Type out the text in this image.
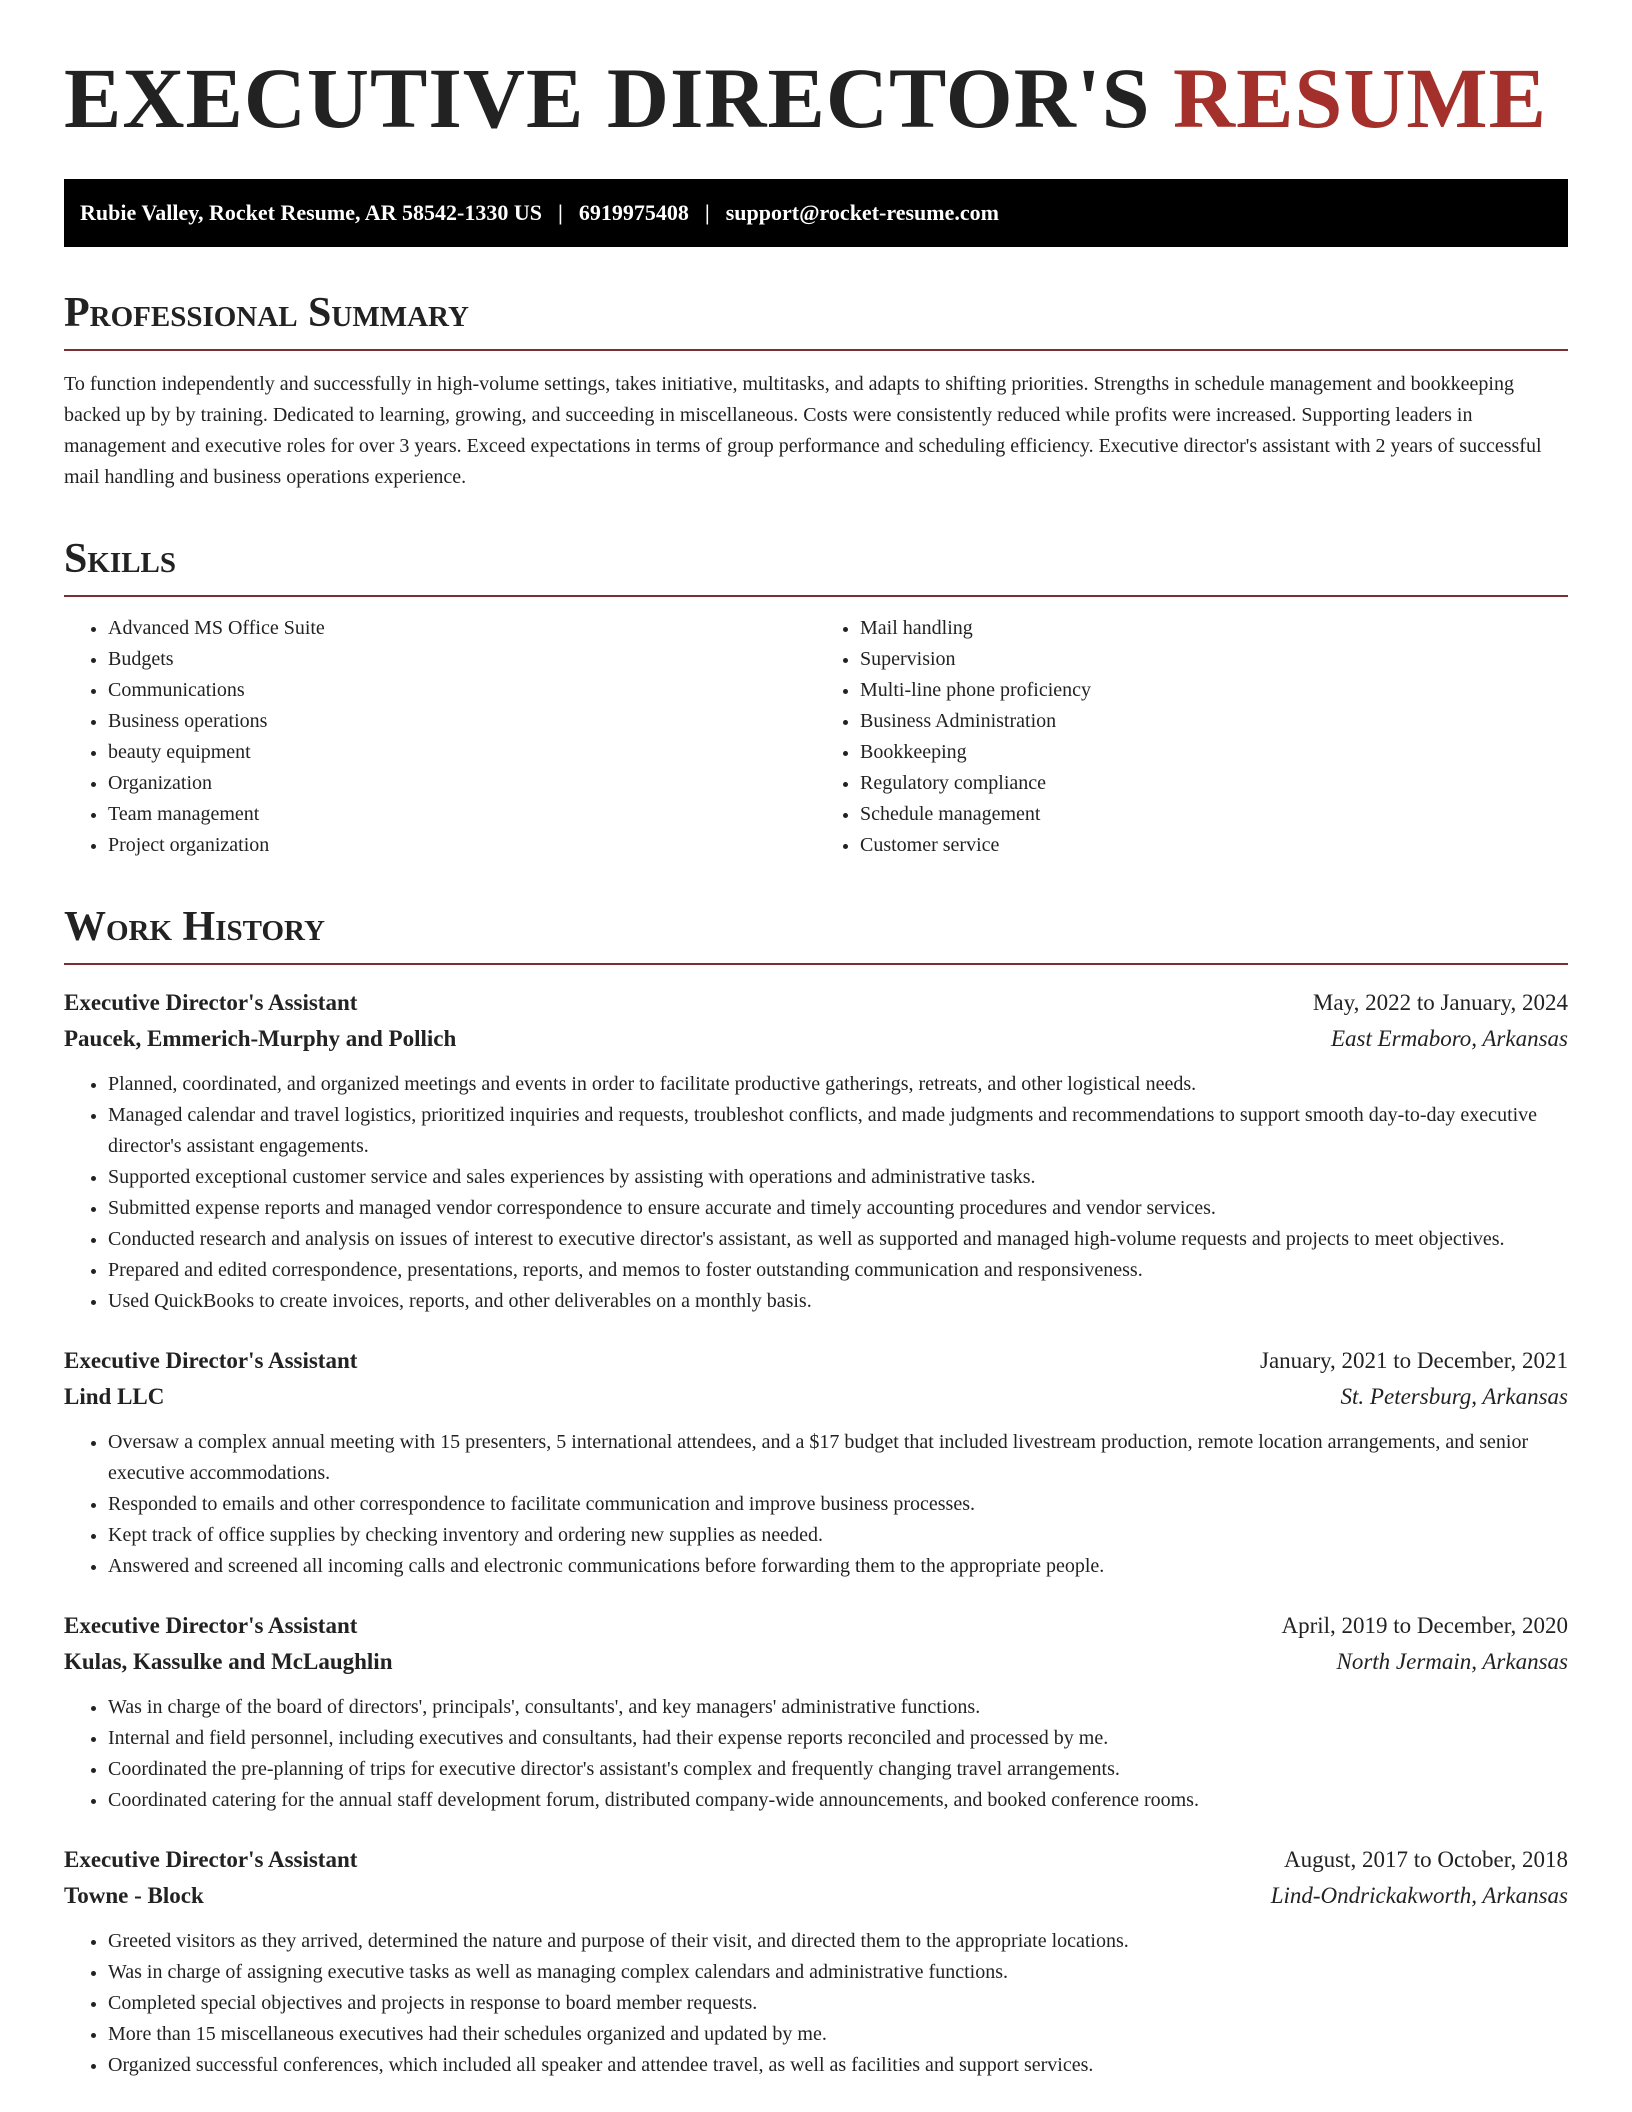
EXECUTIVE DIRECTOR'S RESUME
Rubie Valley, Rocket Resume, AR 58542-1330 US | 6919975408 | support@rocket-resume.com
Professional Summary

To function independently and successfully in high-volume settings, takes initiative, multitasks, and adapts to shifting priorities. Strengths in schedule management and bookkeeping backed up by by training. Dedicated to learning, growing, and succeeding in miscellaneous. Costs were consistently reduced while profits were increased. Supporting leaders in management and executive roles for over 3 years. Exceed expectations in terms of group performance and scheduling efficiency. Executive director's assistant with 2 years of successful mail handling and business operations experience.

Skills
• Advanced MS Office Suite
• Budgets
• Communications
• Business operations
• beauty equipment
• Organization
• Team management
• Project organization
• Mail handling
• Supervision
• Multi-line phone proficiency
• Business Administration
• Bookkeeping
• Regulatory compliance
• Schedule management
• Customer service
Work History
Executive Director's Assistant	May, 2022 to January, 2024
Paucek, Emmerich-Murphy and Pollich	East Ermaboro, Arkansas
• Planned, coordinated, and organized meetings and events in order to facilitate productive gatherings, retreats, and other logistical needs.
• Managed calendar and travel logistics, prioritized inquiries and requests, troubleshot conflicts, and made judgments and recommendations to support smooth day-to-day executive director's assistant engagements.
• Supported exceptional customer service and sales experiences by assisting with operations and administrative tasks.
• Submitted expense reports and managed vendor correspondence to ensure accurate and timely accounting procedures and vendor services.
• Conducted research and analysis on issues of interest to executive director's assistant, as well as supported and managed high-volume requests and projects to meet objectives.
• Prepared and edited correspondence, presentations, reports, and memos to foster outstanding communication and responsiveness.
• Used QuickBooks to create invoices, reports, and other deliverables on a monthly basis.
Executive Director's Assistant	January, 2021 to December, 2021
Lind LLC	St. Petersburg, Arkansas
• Oversaw a complex annual meeting with 15 presenters, 5 international attendees, and a $17 budget that included livestream production, remote location arrangements, and senior executive accommodations.
• Responded to emails and other correspondence to facilitate communication and improve business processes.
• Kept track of office supplies by checking inventory and ordering new supplies as needed.
• Answered and screened all incoming calls and electronic communications before forwarding them to the appropriate people.
Executive Director's Assistant	April, 2019 to December, 2020
Kulas, Kassulke and McLaughlin	North Jermain, Arkansas
• Was in charge of the board of directors', principals', consultants', and key managers' administrative functions.
• Internal and field personnel, including executives and consultants, had their expense reports reconciled and processed by me.
• Coordinated the pre-planning of trips for executive director's assistant's complex and frequently changing travel arrangements.
• Coordinated catering for the annual staff development forum, distributed company-wide announcements, and booked conference rooms.
Executive Director's Assistant	August, 2017 to October, 2018
Towne - Block	Lind-Ondrickakworth, Arkansas
• Greeted visitors as they arrived, determined the nature and purpose of their visit, and directed them to the appropriate locations.
• Was in charge of assigning executive tasks as well as managing complex calendars and administrative functions.
• Completed special objectives and projects in response to board member requests.
• More than 15 miscellaneous executives had their schedules organized and updated by me.
• Organized successful conferences, which included all speaker and attendee travel, as well as facilities and support services.
